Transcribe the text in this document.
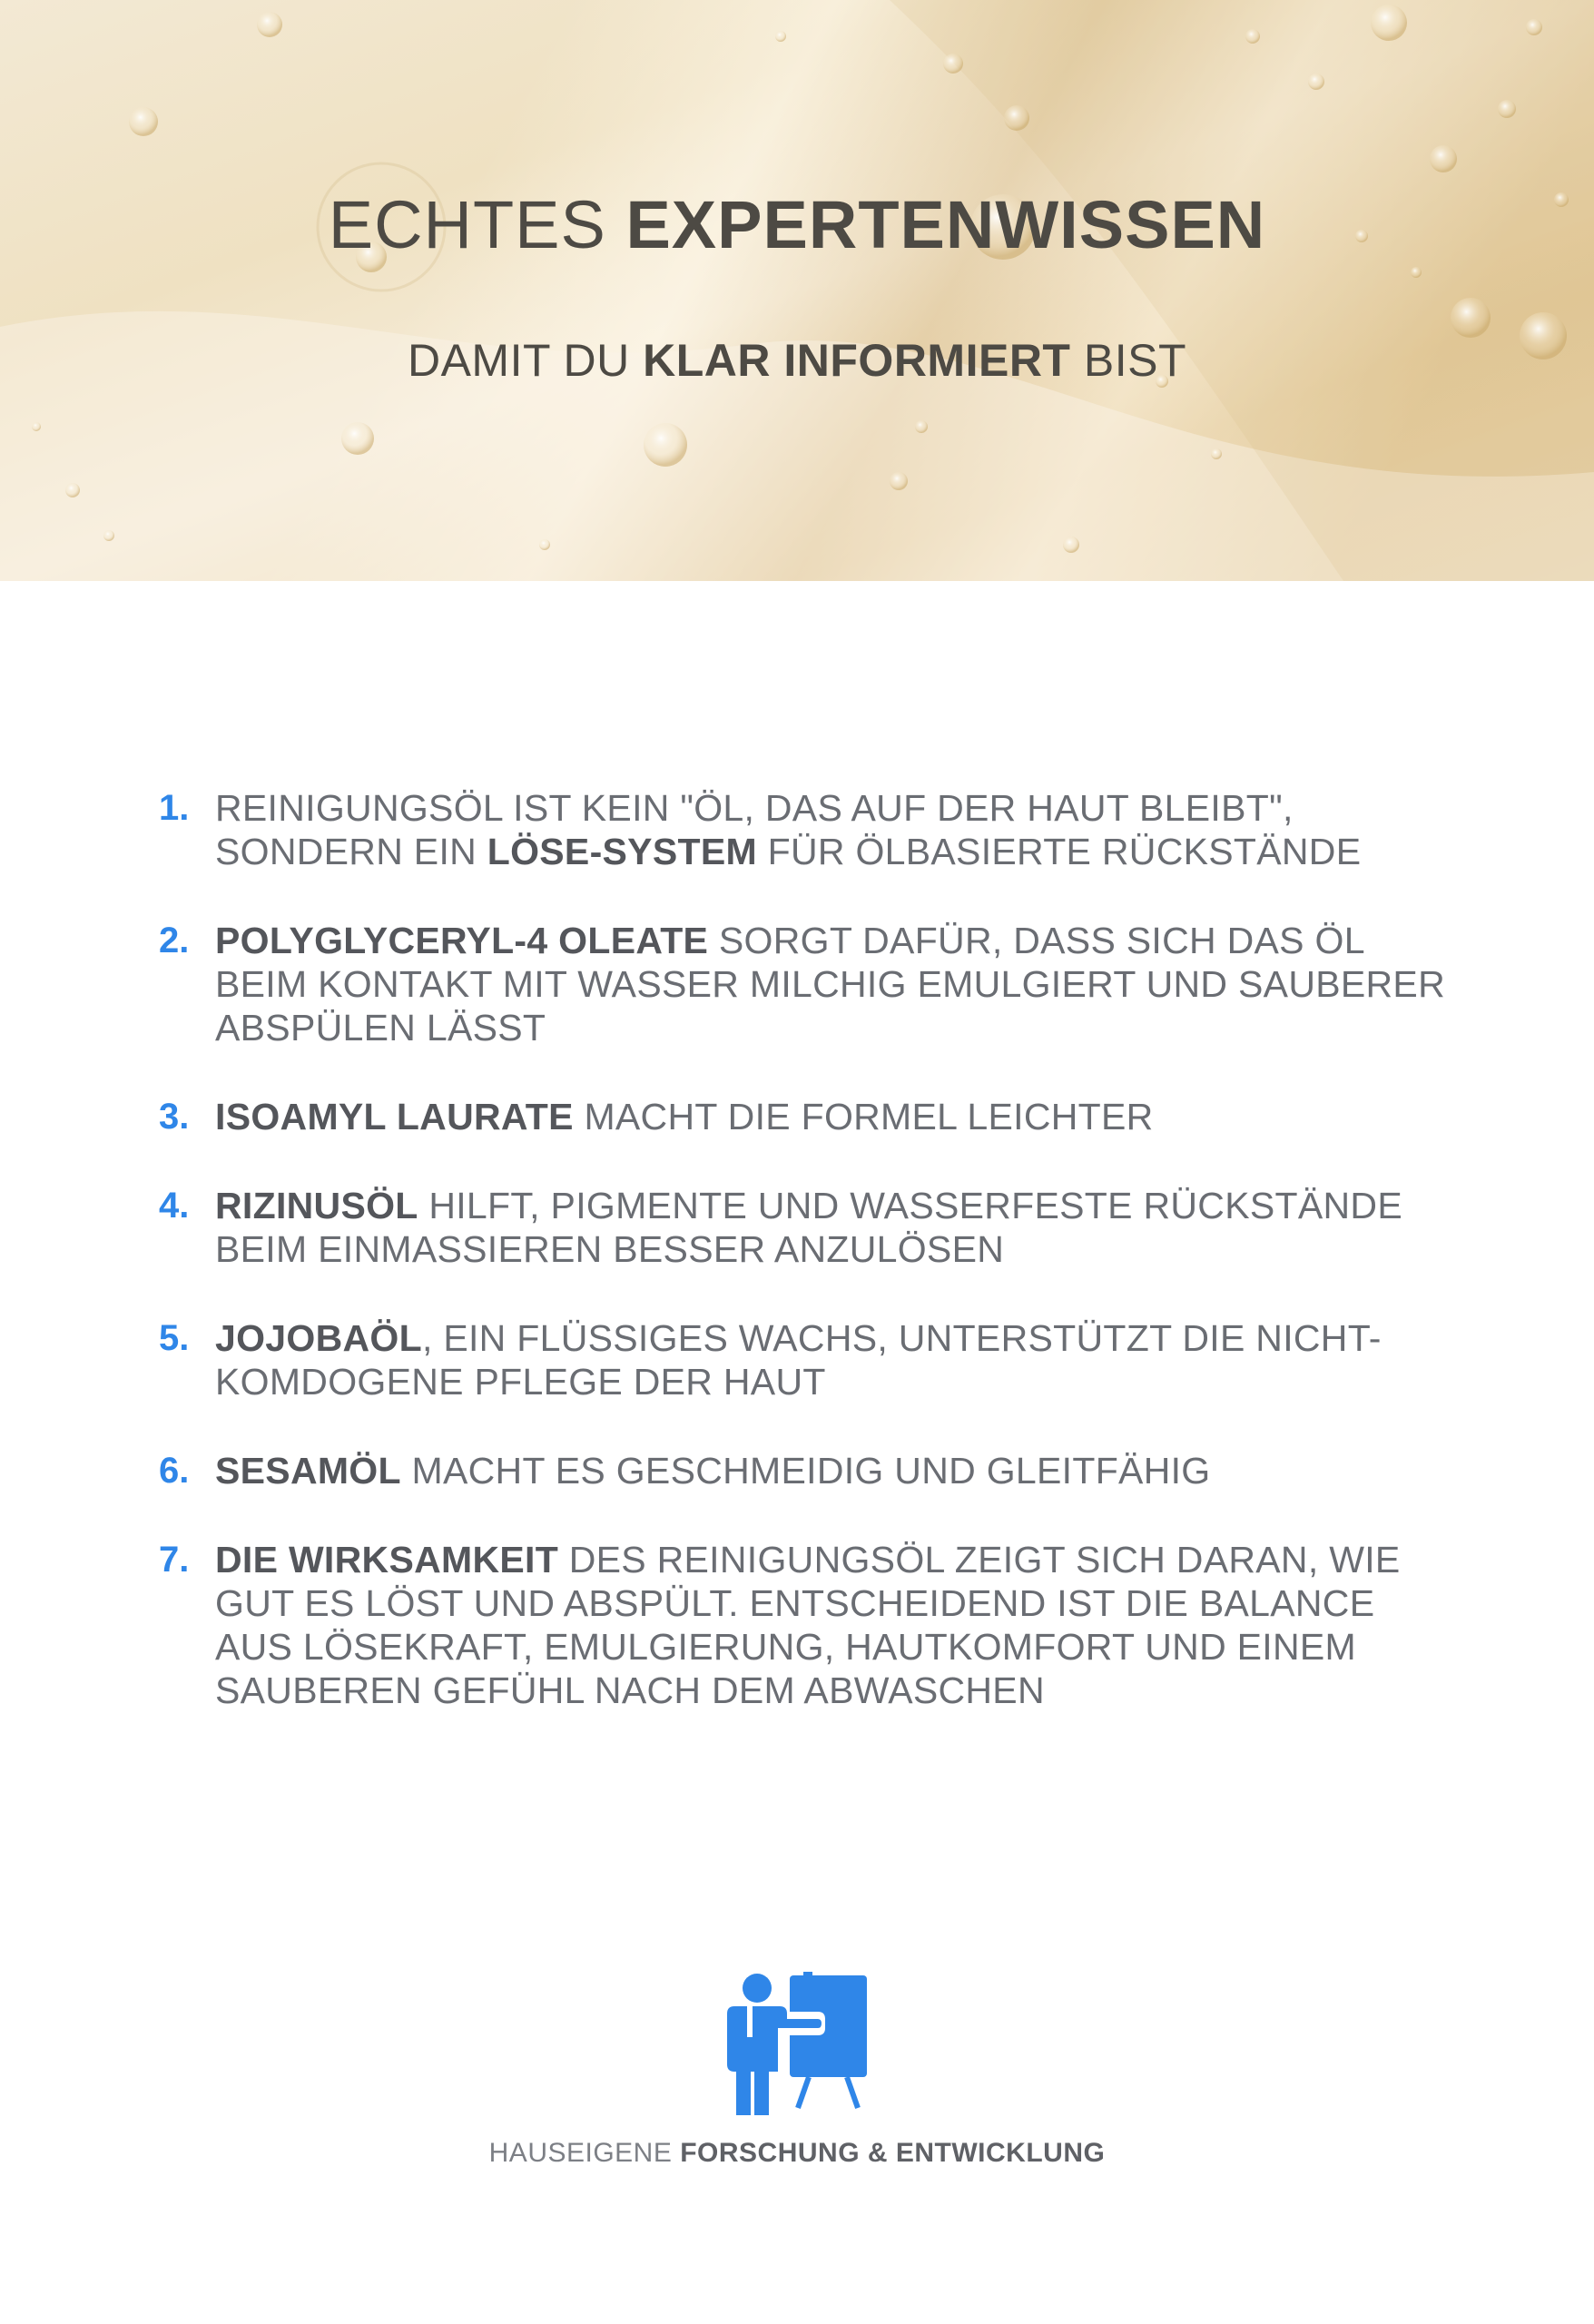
ECHTES EXPERTENWISSEN
DAMIT DU KLAR INFORMIERT BIST
1. REINIGUNGSÖL IST KEIN "ÖL, DAS AUF DER HAUT BLEIBT", SONDERN EIN LÖSE-SYSTEM FÜR ÖLBASIERTE RÜCKSTÄNDE
2. POLYGLYCERYL-4 OLEATE SORGT DAFÜR, DASS SICH DAS ÖL BEIM KONTAKT MIT WASSER MILCHIG EMULGIERT UND SAUBERER ABSPÜLEN LÄSST
3. ISOAMYL LAURATE MACHT DIE FORMEL LEICHTER
4. RIZINUSÖL HILFT, PIGMENTE UND WASSERFESTE RÜCKSTÄNDE BEIM EINMASSIEREN BESSER ANZULÖSEN
5. JOJOBAÖL, EIN FLÜSSIGES WACHS, UNTERSTÜTZT DIE NICHT-KOMDOGENE PFLEGE DER HAUT
6. SESAMÖL MACHT ES GESCHMEIDIG UND GLEITFÄHIG
7. DIE WIRKSAMKEIT DES REINIGUNGSÖL ZEIGT SICH DARAN, WIE GUT ES LÖST UND ABSPÜLT. ENTSCHEIDEND IST DIE BALANCE AUS LÖSEKRAFT, EMULGIERUNG, HAUTKOMFORT UND EINEM SAUBEREN GEFÜHL NACH DEM ABWASCHEN
HAUSEIGENE FORSCHUNG & ENTWICKLUNG
